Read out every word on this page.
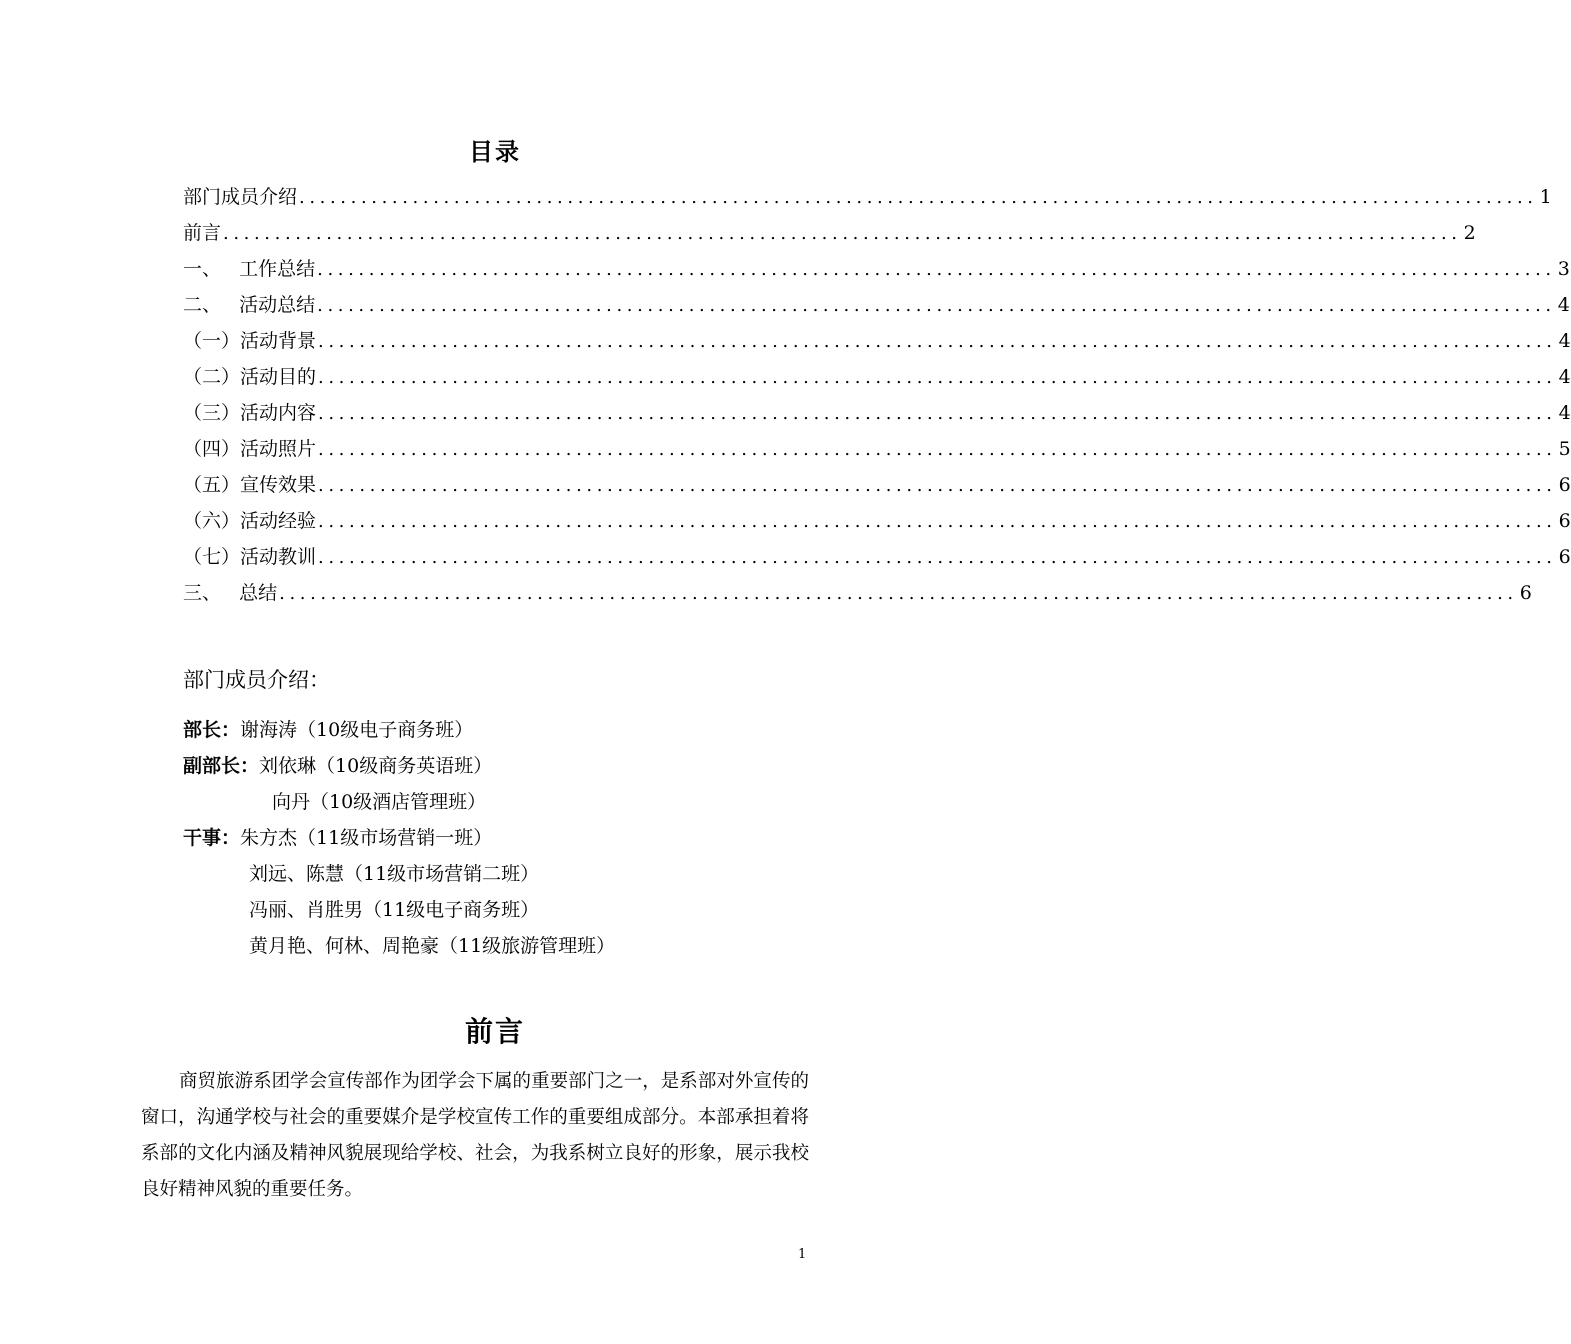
目录
部门成员介绍 ........................................................................................................................ 1
前言 ........................................................................................................................ 2
一、 工作总结 ........................................................................................................................ 3
二、 活动总结 ........................................................................................................................ 4
（一） 活动背景 ........................................................................................................................ 4
（二） 活动目的 ........................................................................................................................ 4
（三） 活动内容 ........................................................................................................................ 4
（四） 活动照片 ........................................................................................................................ 5
（五） 宣传效果 ........................................................................................................................ 6
（六） 活动经验 ........................................................................................................................ 6
（七） 活动教训 ........................................................................................................................ 6
三、 总结 ........................................................................................................................ 6
部门成员介绍：
部长：谢海涛（10级电子商务班）
副部长：刘依琳（10级商务英语班）
向丹（10级酒店管理班）
干事：朱方杰（11级市场营销一班）
刘远、陈慧（11级市场营销二班）
冯丽、肖胜男（11级电子商务班）
黄月艳、何林、周艳豪（11级旅游管理班）
前言
商贸旅游系团学会宣传部作为团学会下属的重要部门之一，是系部对外宣传的窗口，沟通学校与社会的重要媒介是学校宣传工作的重要组成部分。本部承担着将系部的文化内涵及精神风貌展现给学校、社会，为我系树立良好的形象，展示我校良好精神风貌的重要任务。
1
